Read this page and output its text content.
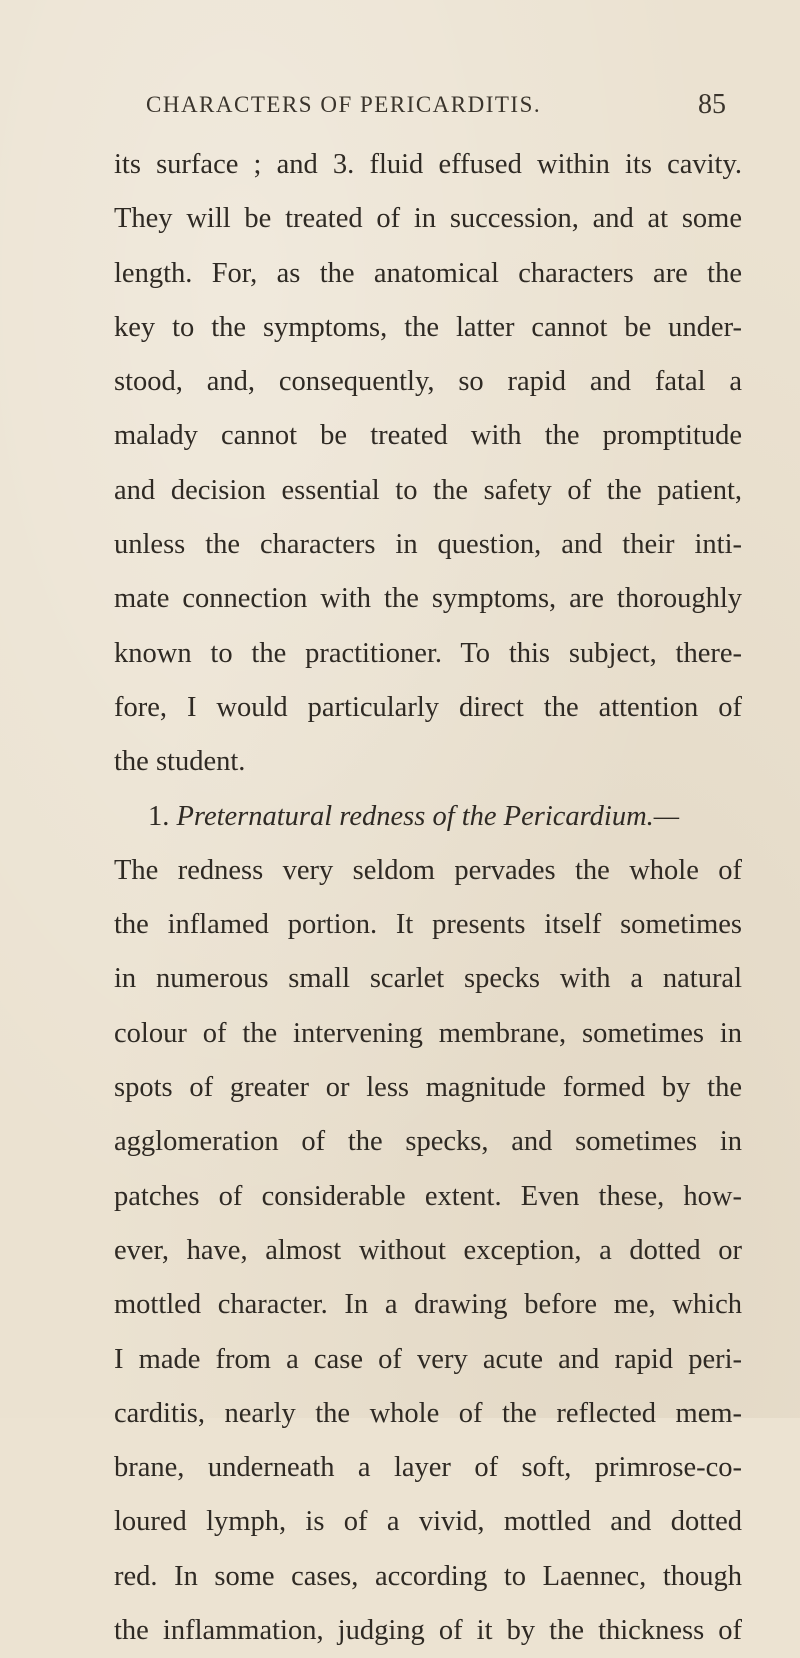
CHARACTERS OF PERICARDITIS.	85
its surface ; and 3. fluid effused within its cavity.
They will be treated of in succession, and at some
length. For, as the anatomical characters are the
key to the symptoms, the latter cannot be under-
stood, and, consequently, so rapid and fatal a
malady cannot be treated with the promptitude
and decision essential to the safety of the patient,
unless the characters in question, and their inti-
mate connection with the symptoms, are thoroughly
known to the practitioner. To this subject, there-
fore, I would particularly direct the attention of
the student.
1. Preternatural redness of the Pericardium.—
The redness very seldom pervades the whole of
the inflamed portion. It presents itself sometimes
in numerous small scarlet specks with a natural
colour of the intervening membrane, sometimes in
spots of greater or less magnitude formed by the
agglomeration of the specks, and sometimes in
patches of considerable extent. Even these, how-
ever, have, almost without exception, a dotted or
mottled character. In a drawing before me, which
I made from a case of very acute and rapid peri-
carditis, nearly the whole of the reflected mem-
brane, underneath a layer of soft, primrose-co-
loured lymph, is of a vivid, mottled and dotted
red. In some cases, according to Laennec, though
the inflammation, judging of it by the thickness of
